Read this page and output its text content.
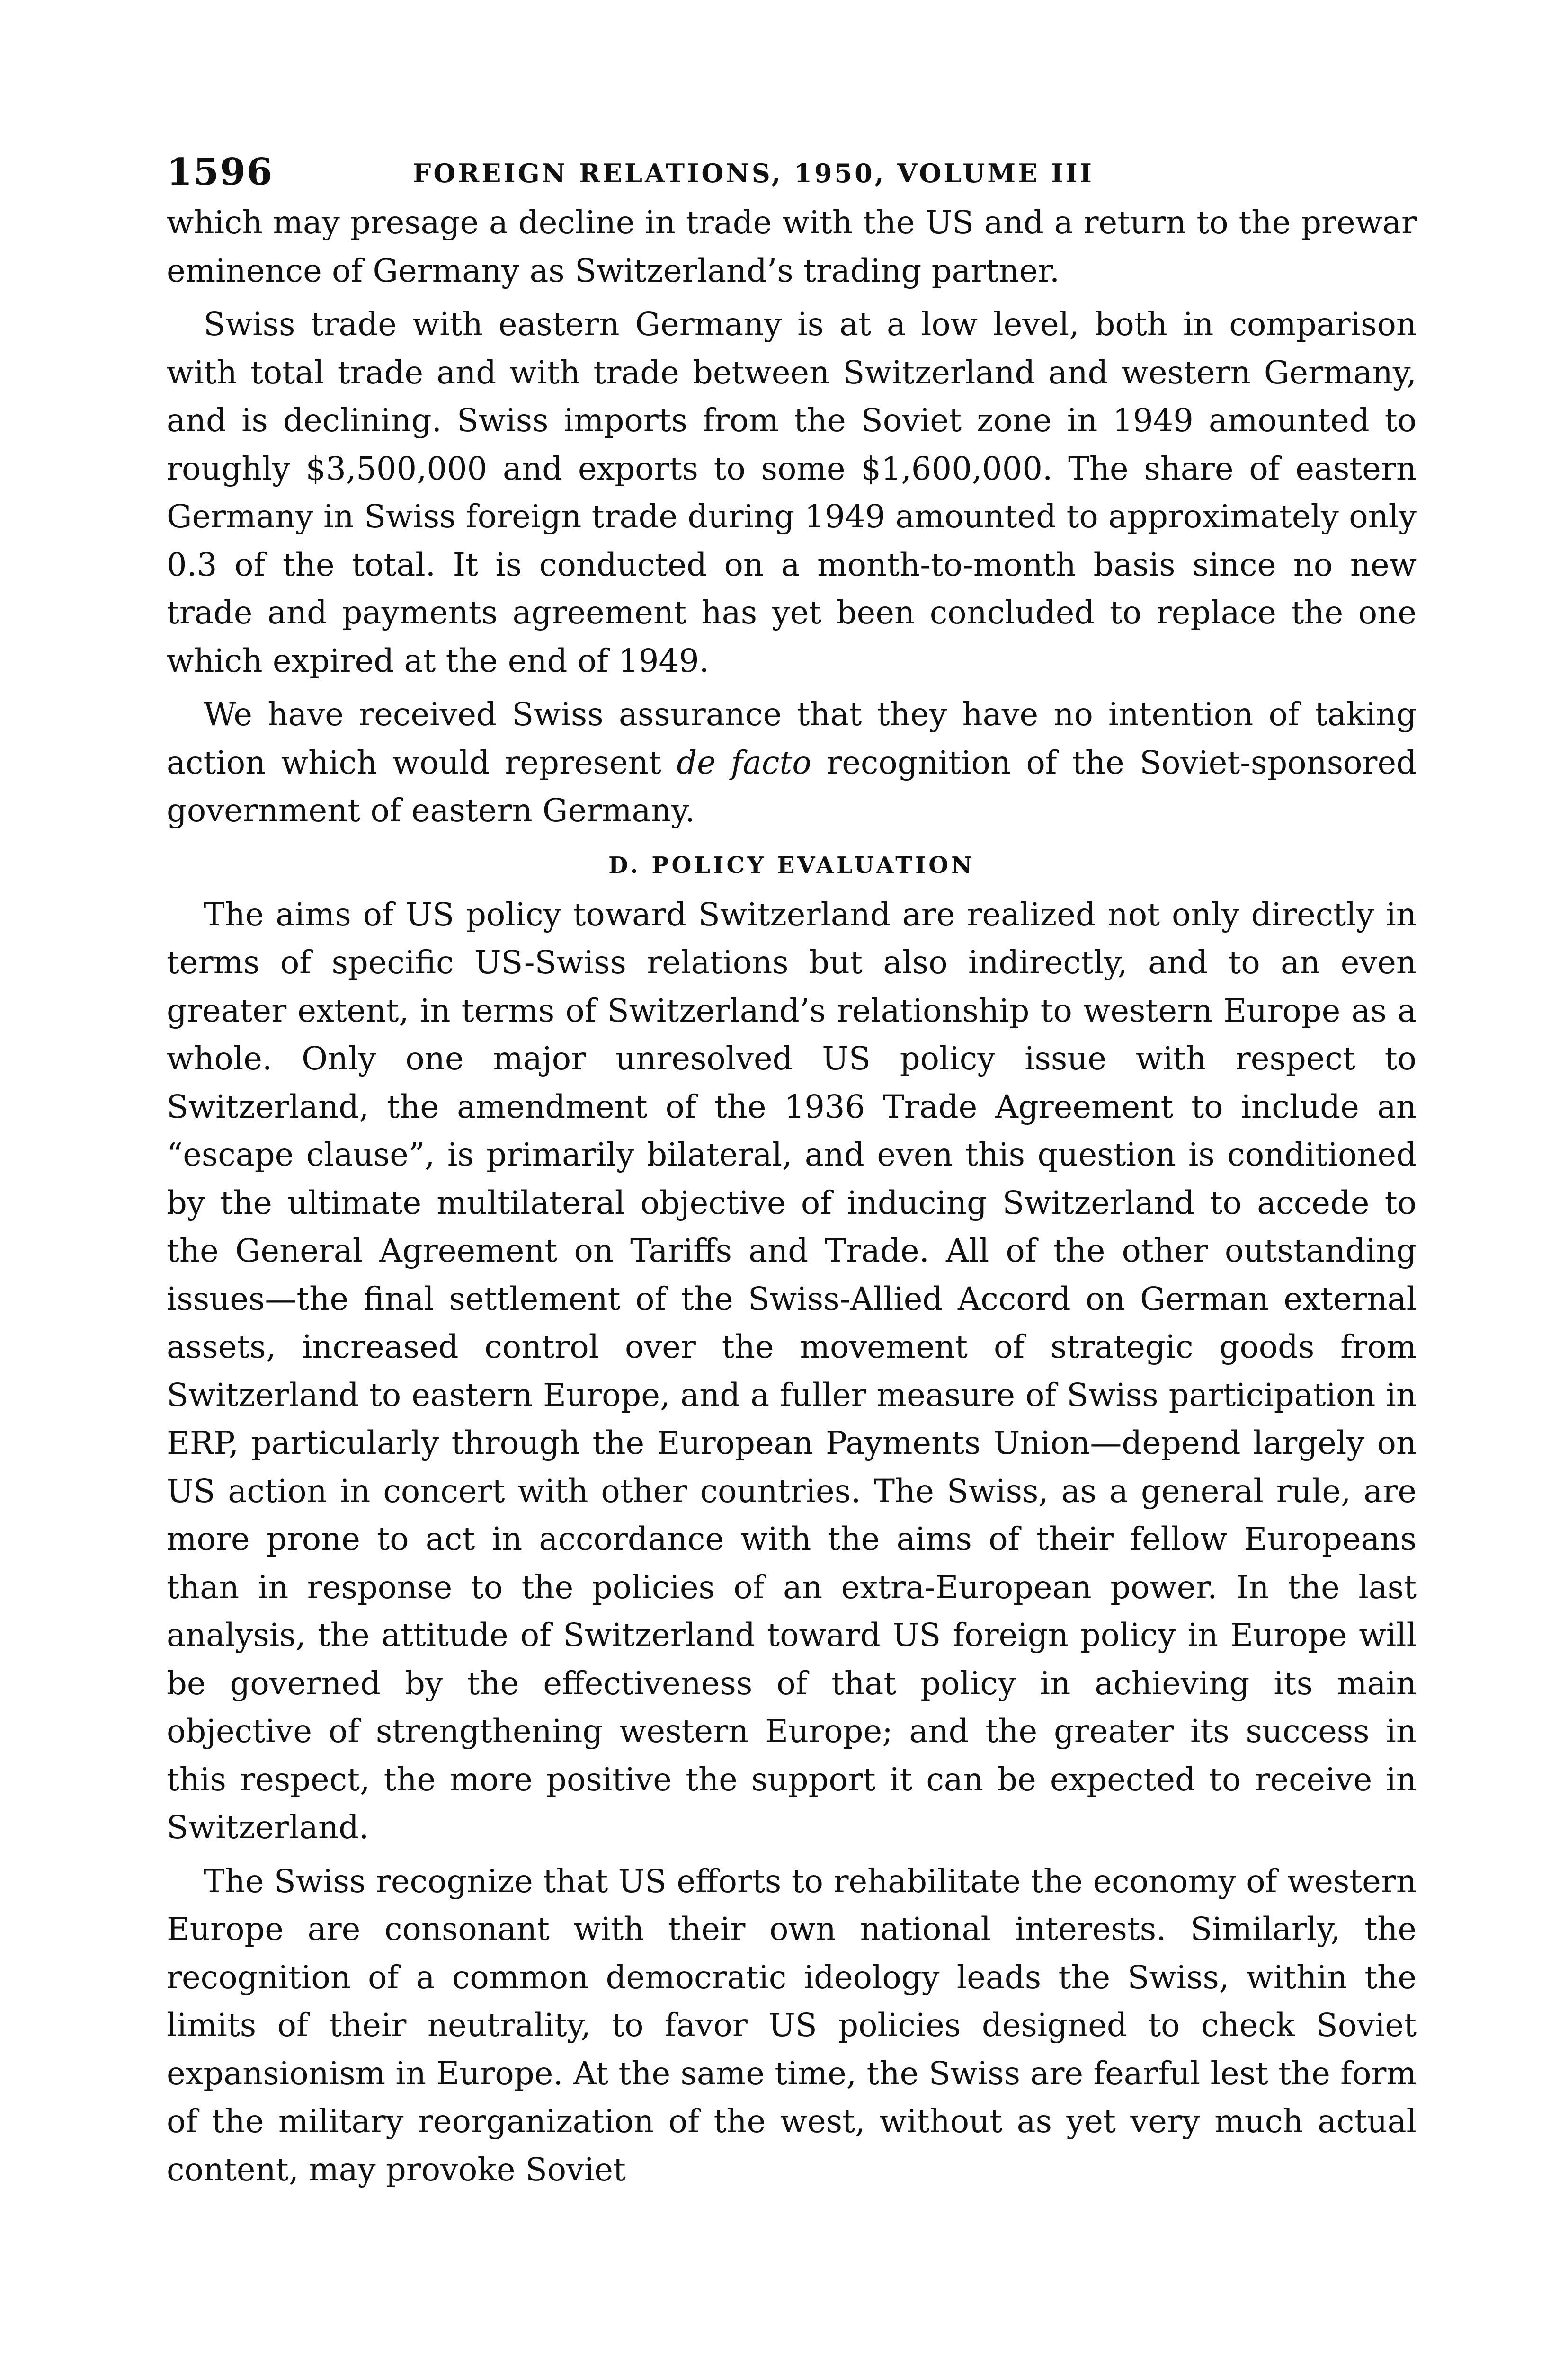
1596	FOREIGN RELATIONS, 1950, VOLUME III

which may presage a decline in trade with the US and a return to the prewar eminence of Germany as Switzerland’s trading partner.

Swiss trade with eastern Germany is at a low level, both in comparison with total trade and with trade between Switzerland and western Germany, and is declining. Swiss imports from the Soviet zone in 1949 amounted to roughly $3,500,000 and exports to some $1,600,000. The share of eastern Germany in Swiss foreign trade during 1949 amounted to approximately only 0.3 of the total. It is conducted on a month-to-month basis since no new trade and payments agreement has yet been concluded to replace the one which expired at the end of 1949.

We have received Swiss assurance that they have no intention of taking action which would represent de facto recognition of the Soviet-sponsored government of eastern Germany.

D. POLICY EVALUATION

The aims of US policy toward Switzerland are realized not only directly in terms of specific US-Swiss relations but also indirectly, and to an even greater extent, in terms of Switzerland’s relationship to western Europe as a whole. Only one major unresolved US policy issue with respect to Switzerland, the amendment of the 1936 Trade Agreement to include an “escape clause”, is primarily bilateral, and even this question is conditioned by the ultimate multilateral objective of inducing Switzerland to accede to the General Agreement on Tariffs and Trade. All of the other outstanding issues—the final settlement of the Swiss-Allied Accord on German external assets, increased control over the movement of strategic goods from Switzerland to eastern Europe, and a fuller measure of Swiss participation in ERP, particularly through the European Payments Union—depend largely on US action in concert with other countries. The Swiss, as a general rule, are more prone to act in accordance with the aims of their fellow Europeans than in response to the policies of an extra-European power. In the last analysis, the attitude of Switzerland toward US foreign policy in Europe will be governed by the effectiveness of that policy in achieving its main objective of strengthening western Europe; and the greater its success in this respect, the more positive the support it can be expected to receive in Switzerland.

The Swiss recognize that US efforts to rehabilitate the economy of western Europe are consonant with their own national interests. Similarly, the recognition of a common democratic ideology leads the Swiss, within the limits of their neutrality, to favor US policies designed to check Soviet expansionism in Europe. At the same time, the Swiss are fearful lest the form of the military reorganization of the west, without as yet very much actual content, may provoke Soviet
